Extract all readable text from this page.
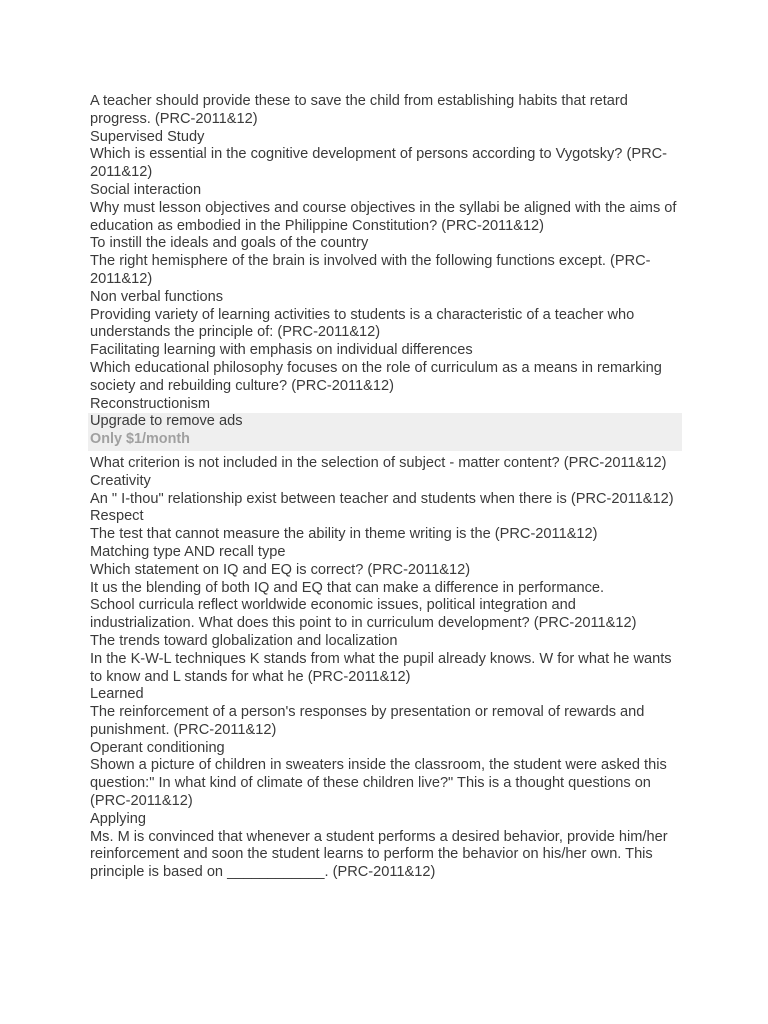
A teacher should provide these to save the child from establishing habits that retard progress. (PRC-2011&12)
Supervised Study
Which is essential in the cognitive development of persons according to Vygotsky? (PRC-2011&12)
Social interaction
Why must lesson objectives and course objectives in the syllabi be aligned with the aims of education as embodied in the Philippine Constitution? (PRC-2011&12)
To instill the ideals and goals of the country
The right hemisphere of the brain is involved with the following functions except. (PRC-2011&12)
Non verbal functions
Providing variety of learning activities to students is a characteristic of a teacher who understands the principle of: (PRC-2011&12)
Facilitating learning with emphasis on individual differences
Which educational philosophy focuses on the role of curriculum as a means in remarking society and rebuilding culture? (PRC-2011&12)
Reconstructionism
Upgrade to remove ads
Only $1/month
What criterion is not included in the selection of subject - matter content? (PRC-2011&12)
Creativity
An " I-thou" relationship exist between teacher and students when there is (PRC-2011&12)
Respect
The test that cannot measure the ability in theme writing is the (PRC-2011&12)
Matching type AND recall type
Which statement on IQ and EQ is correct? (PRC-2011&12)
It us the blending of both IQ and EQ that can make a difference in performance.
School curricula reflect worldwide economic issues, political integration and industrialization. What does this point to in curriculum development? (PRC-2011&12)
The trends toward globalization and localization
In the K-W-L techniques K stands from what the pupil already knows. W for what he wants to know and L stands for what he (PRC-2011&12)
Learned
The reinforcement of a person's responses by presentation or removal of rewards and punishment. (PRC-2011&12)
Operant conditioning
Shown a picture of children in sweaters inside the classroom, the student were asked this question:" In what kind of climate of these children live?" This is a thought questions on (PRC-2011&12)
Applying
Ms. M is convinced that whenever a student performs a desired behavior, provide him/her reinforcement and soon the student learns to perform the behavior on his/her own. This principle is based on ____________. (PRC-2011&12)
